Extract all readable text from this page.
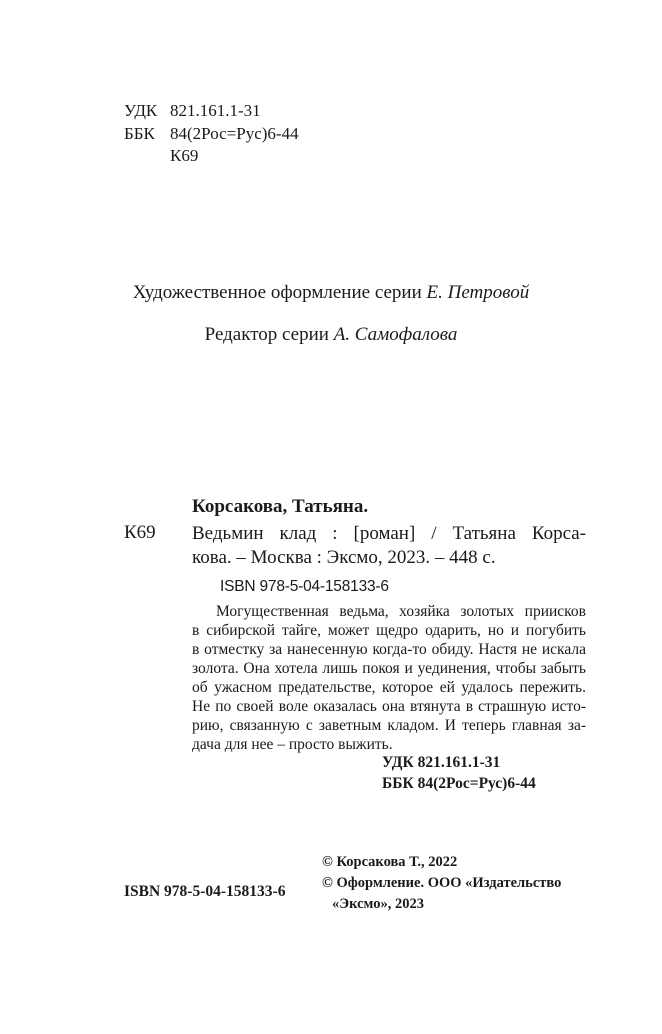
УДК 821.161.1-31
ББК 84(2Рос=Рус)6-44
К69
Художественное оформление серии Е. Петровой
Редактор серии А. Самофалова
Корсакова, Татьяна.
К69 Ведьмин клад : [роман] / Татьяна Корса-
кова. – Москва : Эксмо, 2023. – 448 с.
ISBN 978-5-04-158133-6
Могущественная ведьма, хозяйка золотых приисков
в сибирской тайге, может щедро одарить, но и погубить
в отместку за нанесенную когда-то обиду. Настя не искала
золота. Она хотела лишь покоя и уединения, чтобы забыть
об ужасном предательстве, которое ей удалось пережить.
Не по своей воле оказалась она втянута в страшную исто-
рию, связанную с заветным кладом. И теперь главная за-
дача для нее – просто выжить.
УДК 821.161.1-31
ББК 84(2Рос=Рус)6-44
© Корсакова Т., 2022
© Оформление. ООО «Издательство
«Эксмо», 2023
ISBN 978-5-04-158133-6
